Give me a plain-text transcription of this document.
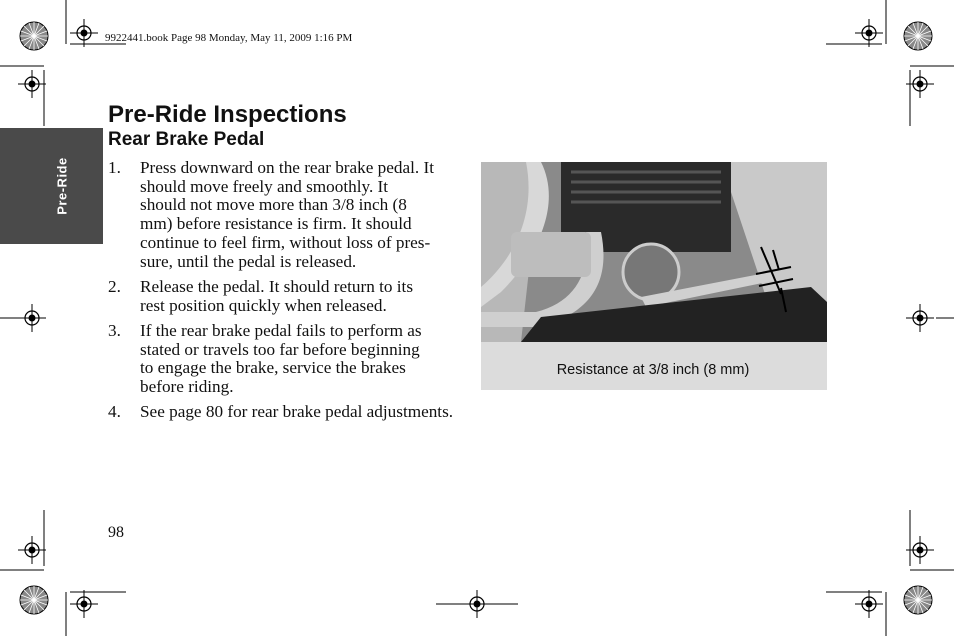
9922441.book Page 98 Monday, May 11, 2009 1:16 PM
Pre-Ride
Pre-Ride Inspections
Rear Brake Pedal
1. Press downward on the rear brake pedal. It
should move freely and smoothly. It
should not move more than 3/8 inch (8
mm) before resistance is firm. It should
continue to feel firm, without loss of pres-
sure, until the pedal is released.
2. Release the pedal. It should return to its
rest position quickly when released.
3. If the rear brake pedal fails to perform as
stated or travels too far before beginning
to engage the brake, service the brakes
before riding.
4. See page 80 for rear brake pedal adjustments.
Resistance at 3/8 inch (8 mm)
98
